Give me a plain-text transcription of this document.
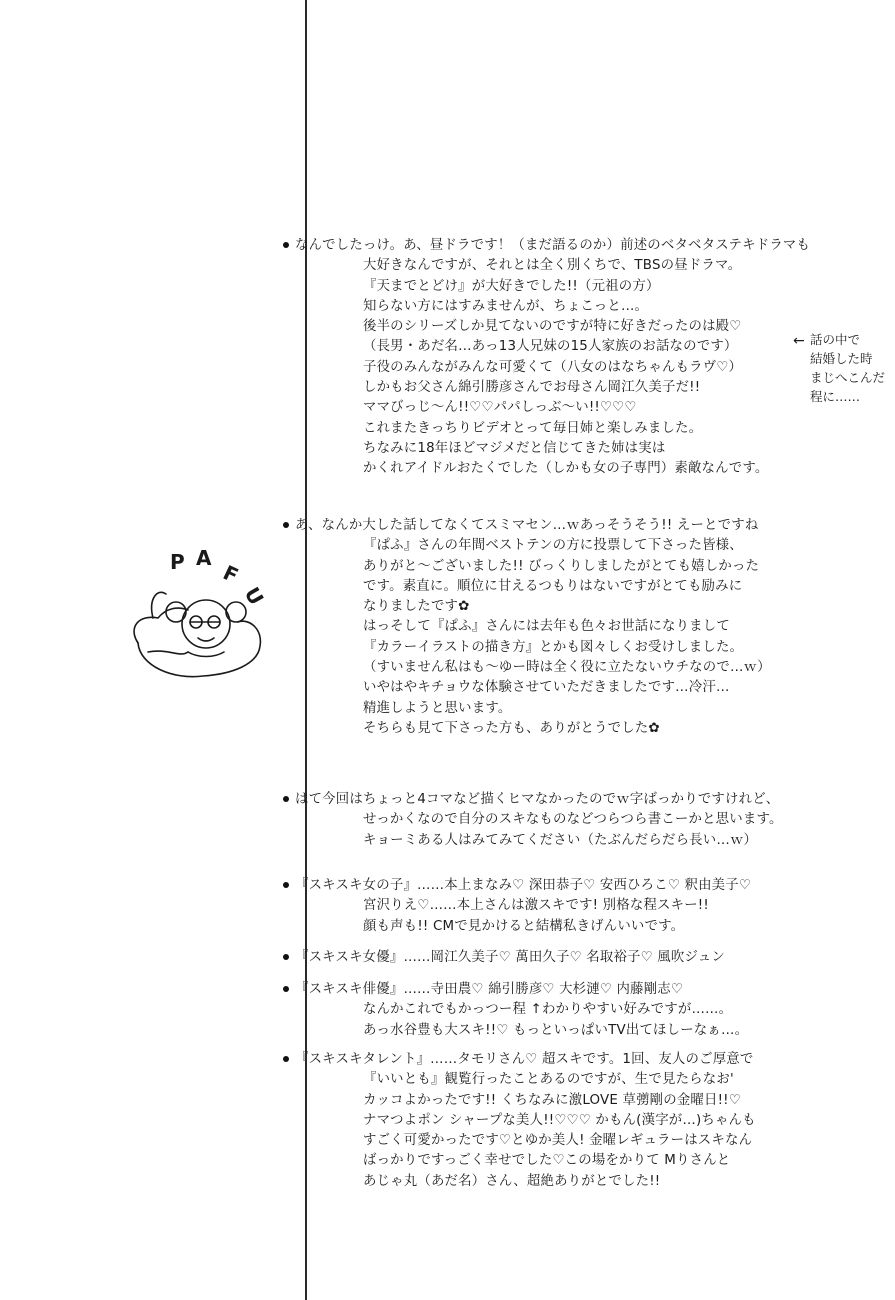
なんでしたっけ。あ、昼ドラです！（まだ語るのか）前述のベタベタステキドラマも
大好きなんですが、それとは全く別くちで、TBSの昼ドラマ。
『天までとどけ』が大好きでした!!（元祖の方）
知らない方にはすみませんが、ちょこっと…。
後半のシリーズしか見てないのですが特に好きだったのは殿♡
（長男・あだ名…あっ13人兄妹の15人家族のお話なのです）
子役のみんながみんな可愛くて（八女のはなちゃんもラヴ♡）
しかもお父さん綿引勝彦さんでお母さん岡江久美子だ!!
ママびっじ〜ん!!♡♡パパしっぶ〜い!!♡♡♡
これまたきっちりビデオとって毎日姉と楽しみました。
ちなみに18年ほどマジメだと信じてきた姉は実は
かくれアイドルおたくでした（しかも女の子専門）素敵なんです。
← 話の中で
結婚した時
まじへこんだ
程に……
あ、なんか大した話してなくてスミマセン…ｗあっそうそう!! えーとですね
『ぱふ』さんの年間ベストテンの方に投票して下さった皆様、
ありがと〜ございました!! びっくりしましたがとても嬉しかった
です。素直に。順位に甘えるつもりはないですがとても励みに
なりましたです✿
はっそして『ぱふ』さんには去年も色々お世話になりまして
『カラーイラストの描き方』とかも図々しくお受けしました。
（すいません私はも〜ゆー時は全く役に立たないウチなので…ｗ）
いやはやキチョウな体験させていただきましたです…冷汗…
精進しようと思います。
そちらも見て下さった方も、ありがとうでした✿
P A
F
U
はて今回はちょっと4コマなど描くヒマなかったのでｗ字ばっかりですけれど、
せっかくなので自分のスキなものなどつらつら書こーかと思います。
キョーミある人はみてみてください（たぶんだらだら長い…ｗ）
『スキスキ女の子』……本上まなみ♡ 深田恭子♡ 安西ひろこ♡ 釈由美子♡
宮沢りえ♡……本上さんは激スキです! 別格な程スキー!!
顔も声も!! CMで見かけると結構私きげんいいです。
『スキスキ女優』……岡江久美子♡ 萬田久子♡ 名取裕子♡ 風吹ジュン
『スキスキ俳優』……寺田農♡ 綿引勝彦♡ 大杉漣♡ 内藤剛志♡
なんかこれでもかっつー程 ↑わかりやすい好みですが……。
あっ水谷豊も大スキ!!♡ もっといっぱいTV出てほしーなぁ…。
『スキスキタレント』……タモリさん♡ 超スキです。1回、友人のご厚意で
『いいとも』観覧行ったことあるのですが、生で見たらなお'
カッコよかったです!! くちなみに激LOVE 草彅剛の金曜日!!♡
ナマつよポン シャープな美人!!♡♡♡ かもん(漢字が…)ちゃんも
すごく可愛かったです♡とゆか美人! 金曜レギュラーはスキなん
ばっかりですっごく幸せでした♡この場をかりて Mりさんと
あじゃ丸（あだ名）さん、超絶ありがとでした!!
